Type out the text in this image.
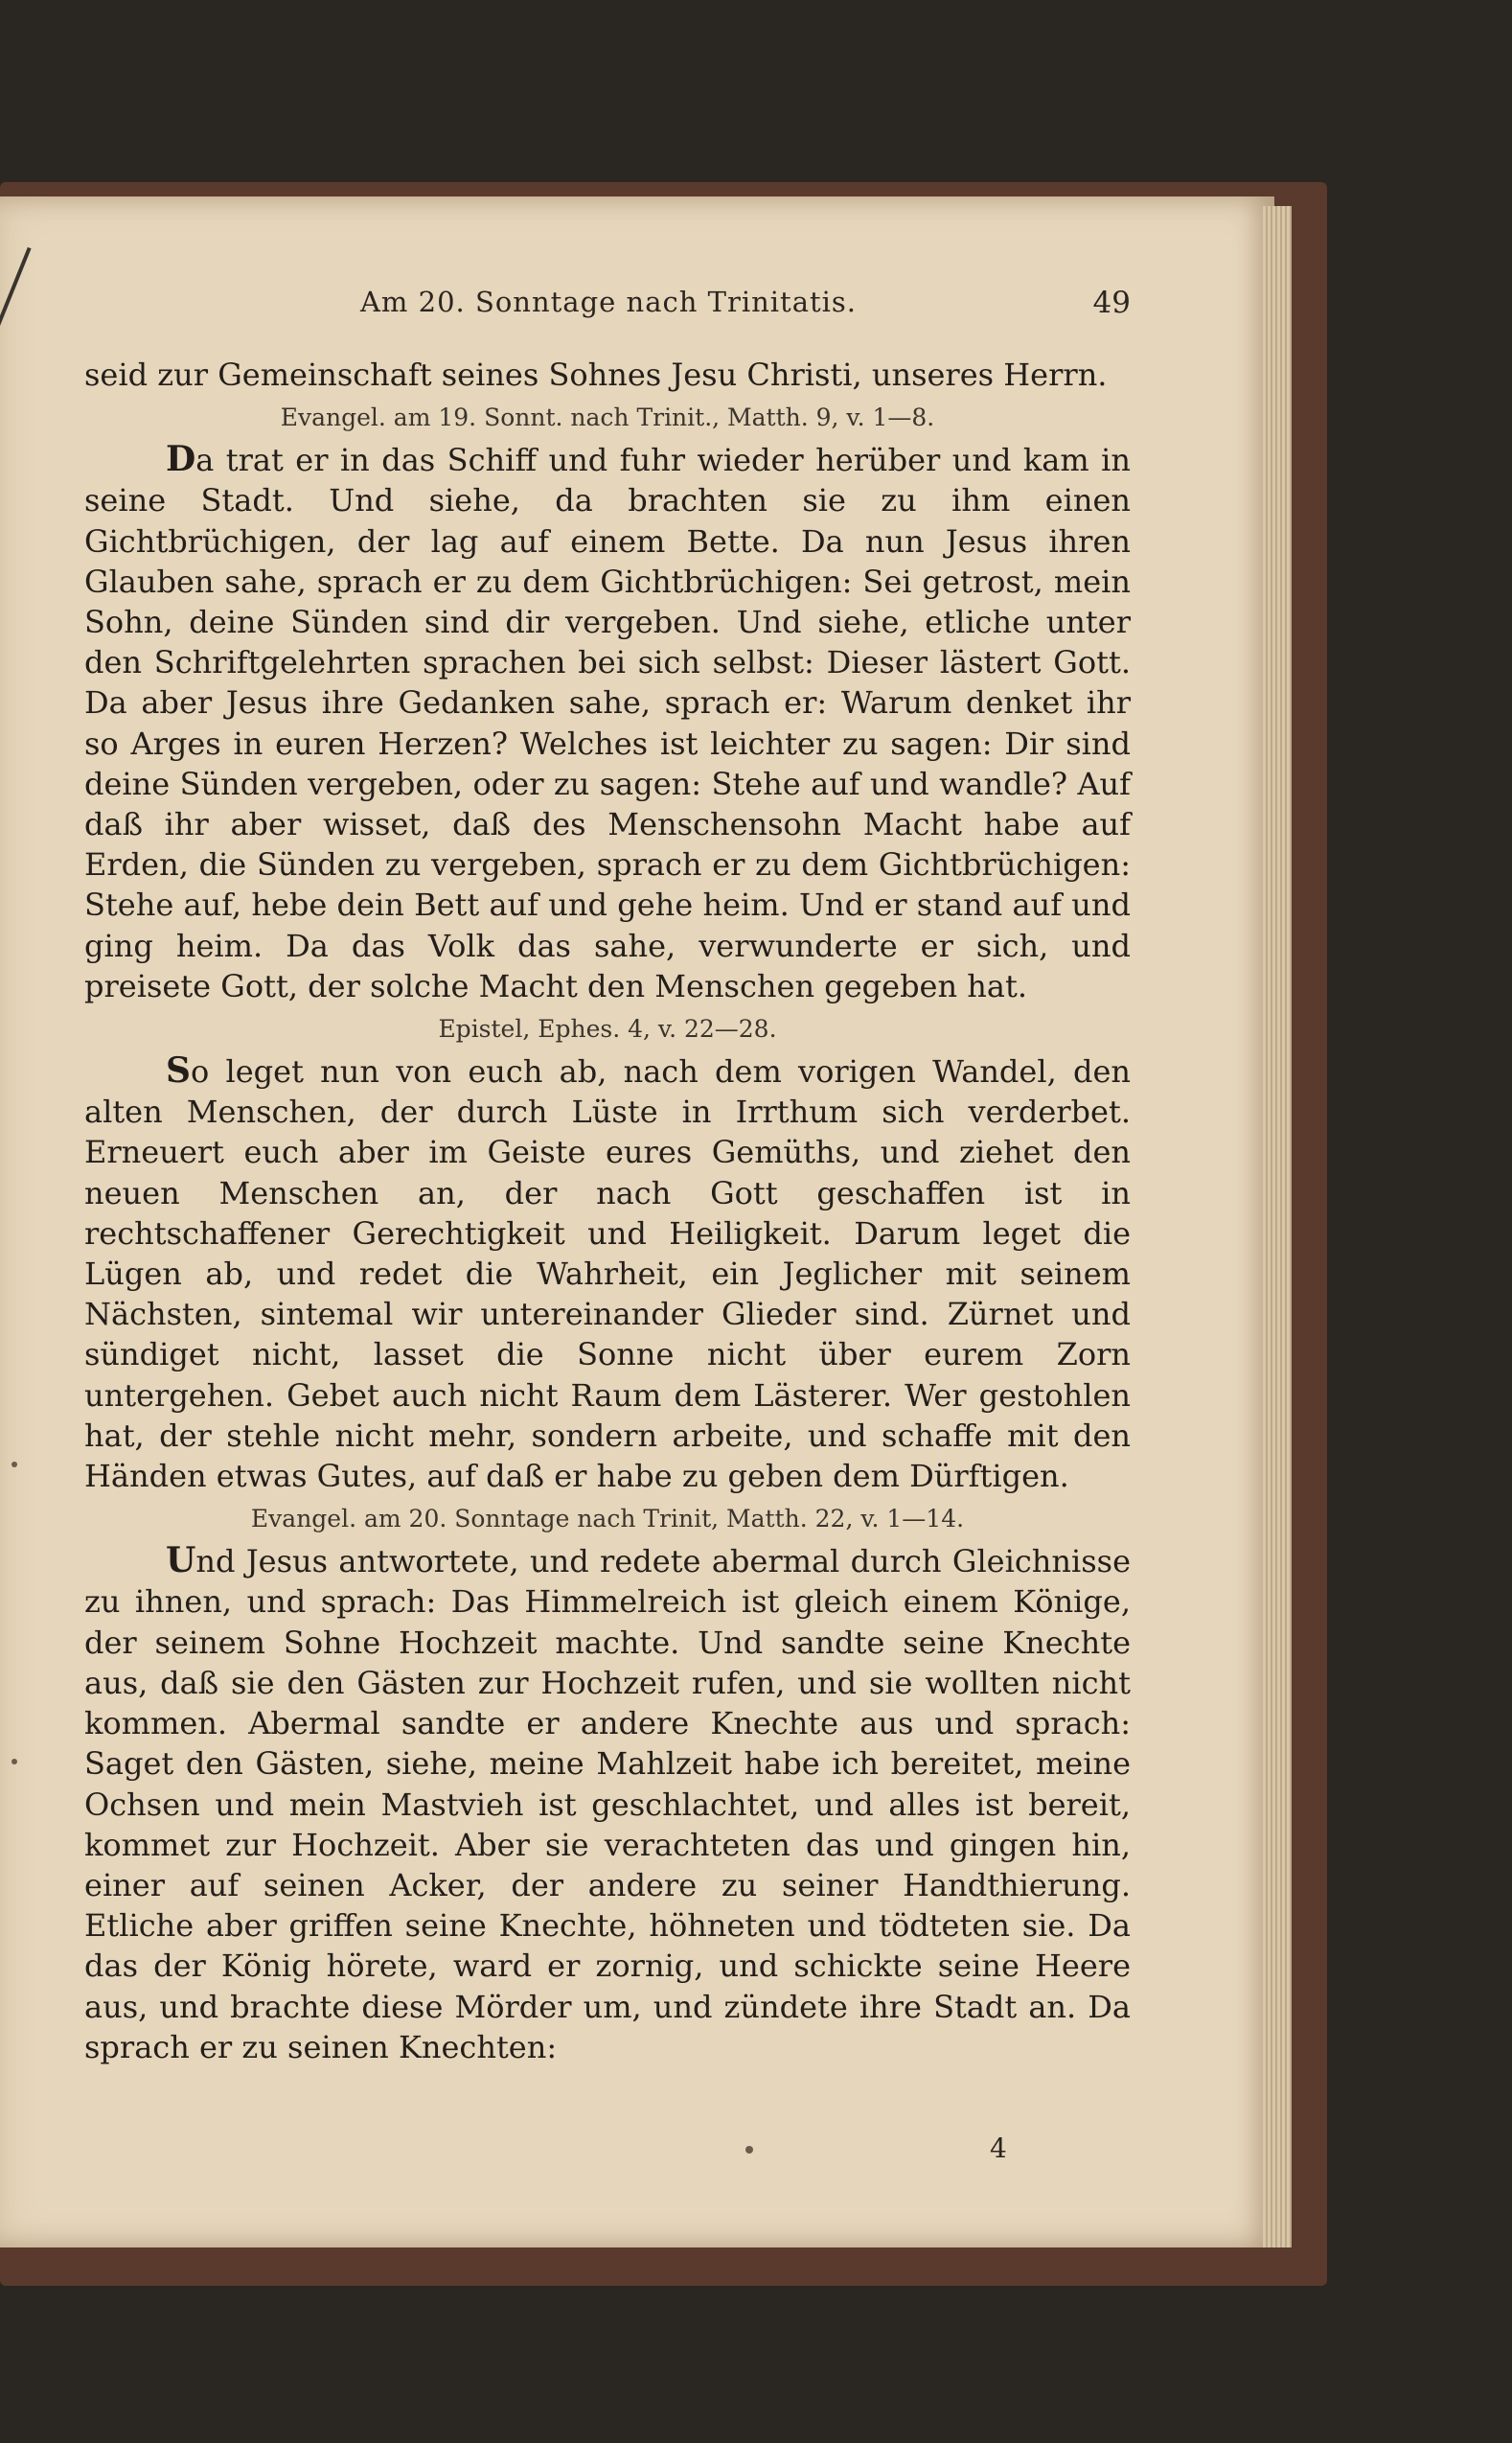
Am 20. Sonntage nach Trinitatis.	49

seid zur Gemeinschaft seines Sohnes Jesu Christi, unseres Herrn.

Evangel. am 19. Sonnt. nach Trinit., Matth. 9, v. 1—8.

Da trat er in das Schiff und fuhr wieder herüber und kam in seine Stadt. Und siehe, da brachten sie zu ihm einen Gichtbrüchigen, der lag auf einem Bette. Da nun Jesus ihren Glauben sahe, sprach er zu dem Gichtbrüchigen: Sei getrost, mein Sohn, deine Sünden sind dir vergeben. Und siehe, etliche unter den Schriftgelehrten sprachen bei sich selbst: Dieser lästert Gott. Da aber Jesus ihre Gedanken sahe, sprach er: Warum denket ihr so Arges in euren Herzen? Welches ist leichter zu sagen: Dir sind deine Sünden vergeben, oder zu sagen: Stehe auf und wandle? Auf daß ihr aber wisset, daß des Menschensohn Macht habe auf Erden, die Sünden zu vergeben, sprach er zu dem Gichtbrüchigen: Stehe auf, hebe dein Bett auf und gehe heim. Und er stand auf und ging heim. Da das Volk das sahe, verwunderte er sich, und preisete Gott, der solche Macht den Menschen gegeben hat.

Epistel, Ephes. 4, v. 22—28.

So leget nun von euch ab, nach dem vorigen Wandel, den alten Menschen, der durch Lüste in Irrthum sich verderbet. Erneuert euch aber im Geiste eures Gemüths, und ziehet den neuen Menschen an, der nach Gott geschaffen ist in rechtschaffener Gerechtigkeit und Heiligkeit. Darum leget die Lügen ab, und redet die Wahrheit, ein Jeglicher mit seinem Nächsten, sintemal wir untereinander Glieder sind. Zürnet und sündiget nicht, lasset die Sonne nicht über eurem Zorn untergehen. Gebet auch nicht Raum dem Lästerer. Wer gestohlen hat, der stehle nicht mehr, sondern arbeite, und schaffe mit den Händen etwas Gutes, auf daß er habe zu geben dem Dürftigen.

Evangel. am 20. Sonntage nach Trinit, Matth. 22, v. 1—14.

Und Jesus antwortete, und redete abermal durch Gleichnisse zu ihnen, und sprach: Das Himmelreich ist gleich einem Könige, der seinem Sohne Hochzeit machte. Und sandte seine Knechte aus, daß sie den Gästen zur Hochzeit rufen, und sie wollten nicht kommen. Abermal sandte er andere Knechte aus und sprach: Saget den Gästen, siehe, meine Mahlzeit habe ich bereitet, meine Ochsen und mein Mastvieh ist geschlachtet, und alles ist bereit, kommet zur Hochzeit. Aber sie verachteten das und gingen hin, einer auf seinen Acker, der andere zu seiner Handthierung. Etliche aber griffen seine Knechte, höhneten und tödteten sie. Da das der König hörete, ward er zornig, und schickte seine Heere aus, und brachte diese Mörder um, und zündete ihre Stadt an. Da sprach er zu seinen Knechten:

4
